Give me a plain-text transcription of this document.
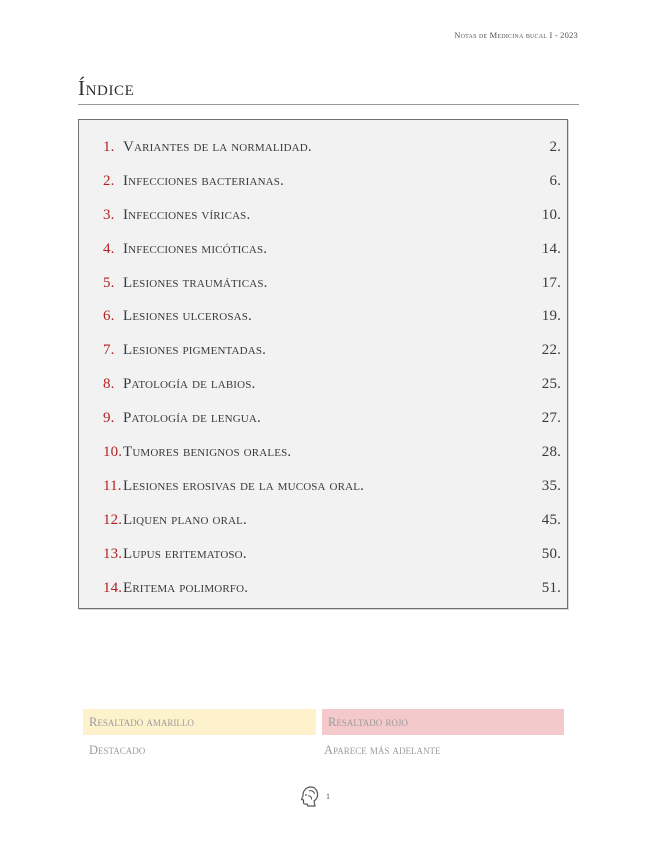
Notas de Medicina bucal I - 2023
Índice
1. Variantes de la normalidad.	2.
2. Infecciones bacterianas.	6.
3. Infecciones víricas.	10.
4. Infecciones micóticas.	14.
5. Lesiones traumáticas.	17.
6. Lesiones ulcerosas.	19.
7. Lesiones pigmentadas.	22.
8. Patología de labios.	25.
9. Patología de lengua.	27.
10. Tumores benignos orales.	28.
11. Lesiones erosivas de la mucosa oral.	35.
12. Liquen plano oral.	45.
13. Lupus eritematoso.	50.
14. Eritema polimorfo.	51.
Resaltado amarillo	Resaltado rojo
Destacado	Aparece más adelante
1
